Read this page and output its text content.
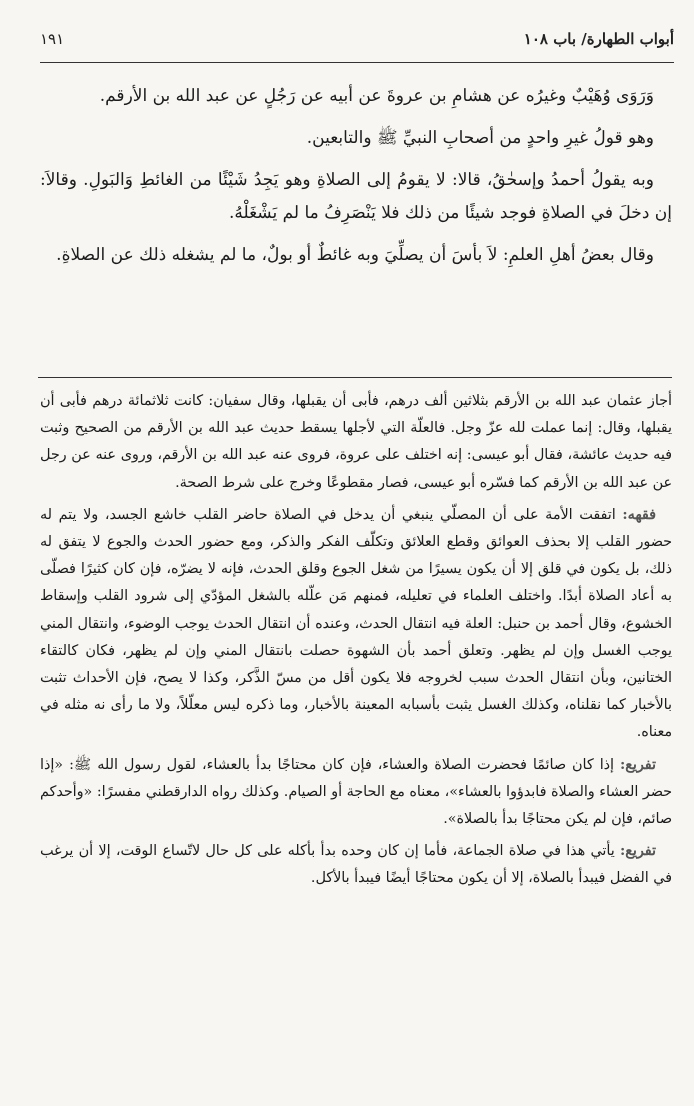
١٩١	أبواب الطهارة/ باب ١٠٨

وَرَوَى وُهَيْبٌ وغيرُه عن هشامِ بن عروةَ عن أبيه عن رَجُلٍ عن عبد الله بن الأرقم.

وهو قولُ غيرِ واحدٍ من أصحابِ النبيِّ ﷺ والتابعين.

وبه يقولُ أحمدُ وإسحٰقُ، قالا: لا يقومُ إلى الصلاةِ وهو يَجِدُ شَيْئًا من الغائطِ وَالبَولِ. وقالاَ: إن دخلَ في الصلاةِ فوجد شيئًا من ذلك فلا يَنْصَرِفُ ما لم يَشْغَلْهُ.

وقال بعضُ أهلِ العلمِ: لاَ بأسَ أن يصلِّيَ وبه غائطٌ أو بولٌ، ما لم يشغله ذلك عن الصلاةِ.

أجاز عثمان عبد الله بن الأرقم بثلاثين ألف درهم، فأبى أن يقبلها، وقال سفيان: كانت ثلاثمائة درهم فأبى أن يقبلها، وقال: إنما عملت لله عزّ وجل. فالعلّة التي لأجلها يسقط حديث عبد الله بن الأرقم من الصحيح وثبت فيه حديث عائشة، فقال أبو عيسى: إنه اختلف على عروة، فروى عنه عبد الله بن الأرقم، وروى عنه عن رجل عن عبد الله بن الأرقم كما فسّره أبو عيسى، فصار مقطوعًا وخرج على شرط الصحة.

فقهه: اتفقت الأمة على أن المصلّي ينبغي أن يدخل في الصلاة حاضر القلب خاشع الجسد، ولا يتم له حضور القلب إلا بحذف العوائق وقطع العلائق وتكلّف الفكر والذكر، ومع حضور الحدث والجوع لا يتفق له ذلك، بل يكون في قلق إلا أن يكون يسيرًا من شغل الجوع وقلق الحدث، فإنه لا يضرّه، فإن كان كثيرًا فصلّى به أعاد الصلاة أبدًا. واختلف العلماء في تعليله، فمنهم مَن علّله بالشغل المؤدّي إلى شرود القلب وإسقاط الخشوع، وقال أحمد بن حنبل: العلة فيه انتقال الحدث، وعنده أن انتقال الحدث يوجب الوضوء، وانتقال المني يوجب الغسل وإن لم يظهر. وتعلق أحمد بأن الشهوة حصلت بانتقال المني وإن لم يظهر، فكان كالتقاء الختانين، وبأن انتقال الحدث سبب لخروجه فلا يكون أقل من مسّ الذَّكر، وكذا لا يصح، فإن الأحداث تثبت بالأخبار كما نقلناه، وكذلك الغسل يثبت بأسبابه المعينة بالأخبار، وما ذكره ليس معلّلاً، ولا ما رأى نه مثله في معناه.

تفريع: إذا كان صائمًا فحضرت الصلاة والعشاء، فإن كان محتاجًا بدأ بالعشاء، لقول رسول الله ﷺ: «إذا حضر العشاء والصلاة فابدؤوا بالعشاء»، معناه مع الحاجة أو الصيام. وكذلك رواه الدارقطني مفسرًا: «وأحدكم صائم، فإن لم يكن محتاجًا بدأ بالصلاة».

تفريع: يأتي هذا في صلاة الجماعة، فأما إن كان وحده بدأ بأكله على كل حال لاتّساع الوقت، إلا أن يرغب في الفضل فيبدأ بالصلاة، إلا أن يكون محتاجًا أيضًا فيبدأ بالأكل.
